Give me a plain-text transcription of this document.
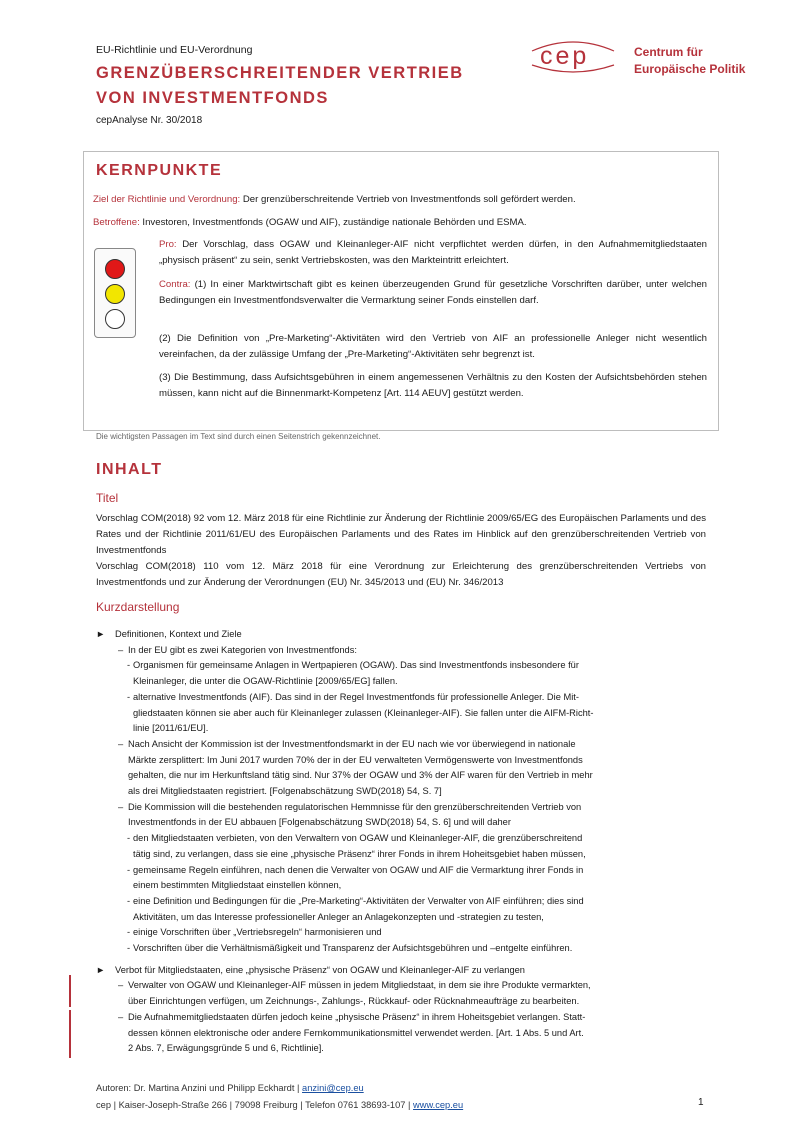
EU-Richtlinie und EU-Verordnung
GRENZÜBERSCHREITENDER VERTRIEB
VON INVESTMENTFONDS
cepAnalyse Nr. 30/2018
cep	Centrum für
Europäische Politik
KERNPUNKTE
Ziel der Richtlinie und Verordnung: Der grenzüberschreitende Vertrieb von Investmentfonds soll gefördert werden.
Betroffene: Investoren, Investmentfonds (OGAW und AIF), zuständige nationale Behörden und ESMA.
Pro: Der Vorschlag, dass OGAW und Kleinanleger-AIF nicht verpflichtet werden dürfen, in den Aufnahmemitgliedstaaten „physisch präsent“ zu sein, senkt Vertriebskosten, was den Markteintritt erleichtert.
Contra: (1) In einer Marktwirtschaft gibt es keinen überzeugenden Grund für gesetzliche Vorschriften darüber, unter welchen Bedingungen ein Investmentfondsverwalter die Vermarktung seiner Fonds einstellen darf.
(2) Die Definition von „Pre-Marketing“-Aktivitäten wird den Vertrieb von AIF an professionelle Anleger nicht wesentlich vereinfachen, da der zulässige Umfang der „Pre-Marketing“-Aktivitäten sehr begrenzt ist.
(3) Die Bestimmung, dass Aufsichtsgebühren in einem angemessenen Verhältnis zu den Kosten der Aufsichtsbehörden stehen müssen, kann nicht auf die Binnenmarkt-Kompetenz [Art. 114 AEUV] gestützt werden.
Die wichtigsten Passagen im Text sind durch einen Seitenstrich gekennzeichnet.
INHALT
Titel
Vorschlag COM(2018) 92 vom 12. März 2018 für eine Richtlinie zur Änderung der Richtlinie 2009/65/EG des Europäischen Parlaments und des Rates und der Richtlinie 2011/61/EU des Europäischen Parlaments und des Rates im Hinblick auf den grenzüberschreitenden Vertrieb von Investmentfonds
Vorschlag COM(2018) 110 vom 12. März 2018 für eine Verordnung zur Erleichterung des grenzüberschreitenden Vertriebs von Investmentfonds und zur Änderung der Verordnungen (EU) Nr. 345/2013 und (EU) Nr. 346/2013
Kurzdarstellung
► Definitionen, Kontext und Ziele
– In der EU gibt es zwei Kategorien von Investmentfonds:
- Organismen für gemeinsame Anlagen in Wertpapieren (OGAW). Das sind Investmentfonds insbesondere für
Kleinanleger, die unter die OGAW-Richtlinie [2009/65/EG] fallen.
- alternative Investmentfonds (AIF). Das sind in der Regel Investmentfonds für professionelle Anleger. Die Mit-
gliedstaaten können sie aber auch für Kleinanleger zulassen (Kleinanleger-AIF). Sie fallen unter die AIFM-Richt-
linie [2011/61/EU].
– Nach Ansicht der Kommission ist der Investmentfondsmarkt in der EU nach wie vor überwiegend in nationale
Märkte zersplittert: Im Juni 2017 wurden 70% der in der EU verwalteten Vermögenswerte von Investmentfonds
gehalten, die nur im Herkunftsland tätig sind. Nur 37% der OGAW und 3% der AIF waren für den Vertrieb in mehr
als drei Mitgliedstaaten registriert. [Folgenabschätzung SWD(2018) 54, S. 7]
– Die Kommission will die bestehenden regulatorischen Hemmnisse für den grenzüberschreitenden Vertrieb von
Investmentfonds in der EU abbauen [Folgenabschätzung SWD(2018) 54, S. 6] und will daher
- den Mitgliedstaaten verbieten, von den Verwaltern von OGAW und Kleinanleger-AIF, die grenzüberschreitend
tätig sind, zu verlangen, dass sie eine „physische Präsenz“ ihrer Fonds in ihrem Hoheitsgebiet haben müssen,
- gemeinsame Regeln einführen, nach denen die Verwalter von OGAW und AIF die Vermarktung ihrer Fonds in
einem bestimmten Mitgliedstaat einstellen können,
- eine Definition und Bedingungen für die „Pre-Marketing“-Aktivitäten der Verwalter von AIF einführen; dies sind
Aktivitäten, um das Interesse professioneller Anleger an Anlagekonzepten und -strategien zu testen,
- einige Vorschriften über „Vertriebsregeln“ harmonisieren und
- Vorschriften über die Verhältnismäßigkeit und Transparenz der Aufsichtsgebühren und –entgelte einführen.
► Verbot für Mitgliedstaaten, eine „physische Präsenz“ von OGAW und Kleinanleger-AIF zu verlangen
– Verwalter von OGAW und Kleinanleger-AIF müssen in jedem Mitgliedstaat, in dem sie ihre Produkte vermarkten,
über Einrichtungen verfügen, um Zeichnungs-, Zahlungs-, Rückkauf- oder Rücknahmeaufträge zu bearbeiten.
– Die Aufnahmemitgliedstaaten dürfen jedoch keine „physische Präsenz“ in ihrem Hoheitsgebiet verlangen. Statt-
dessen können elektronische oder andere Fernkommunikationsmittel verwendet werden. [Art. 1 Abs. 5 und Art.
2 Abs. 7, Erwägungsgründe 5 und 6, Richtlinie].
Autoren: Dr. Martina Anzini und Philipp Eckhardt | anzini@cep.eu
cep | Kaiser-Joseph-Straße 266 | 79098 Freiburg | Telefon 0761 38693-107 | www.cep.eu	1
